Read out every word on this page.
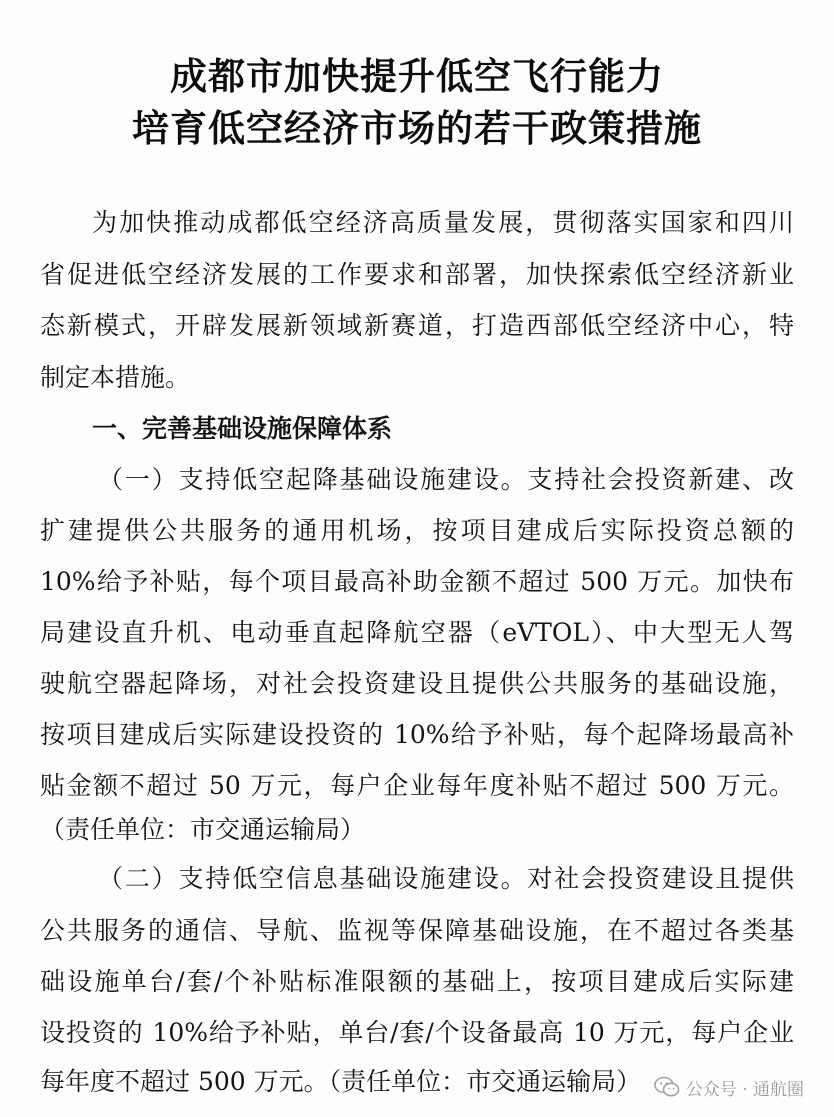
成都市加快提升低空飞行能力
培育低空经济市场的若干政策措施
为加快推动成都低空经济高质量发展，贯彻落实国家和四川
省促进低空经济发展的工作要求和部署，加快探索低空经济新业
态新模式，开辟发展新领域新赛道，打造西部低空经济中心，特
制定本措施。
一、完善基础设施保障体系
（一）支持低空起降基础设施建设。支持社会投资新建、改
扩建提供公共服务的通用机场，按项目建成后实际投资总额的
10%给予补贴，每个项目最高补助金额不超过 500 万元。加快布
局建设直升机、电动垂直起降航空器（eVTOL）、中大型无人驾
驶航空器起降场，对社会投资建设且提供公共服务的基础设施，
按项目建成后实际建设投资的 10%给予补贴，每个起降场最高补
贴金额不超过 50 万元，每户企业每年度补贴不超过 500 万元。
（责任单位：市交通运输局）
（二）支持低空信息基础设施建设。对社会投资建设且提供
公共服务的通信、导航、监视等保障基础设施，在不超过各类基
础设施单台/套/个补贴标准限额的基础上，按项目建成后实际建
设投资的 10%给予补贴，单台/套/个设备最高 10 万元，每户企业
每年度不超过 500 万元。（责任单位：市交通运输局）	公众号 · 通航圈
